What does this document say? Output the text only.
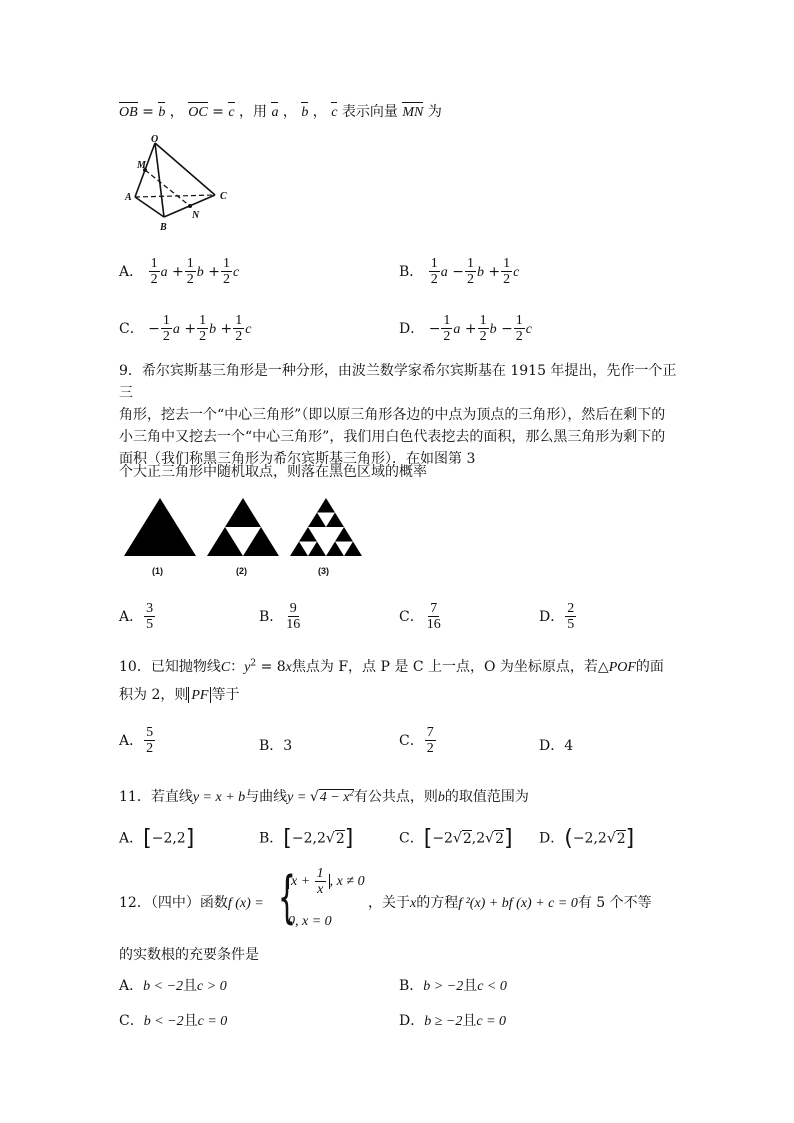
OB = b ， OC = c ，用 a ， b ， c 表示向量 MN 为
O
M
A	C
N
B
A． $\frac{1}{2}$ $a + \frac{1}{2}$ $b + \frac{1}{2}$ c	B． $\frac{1}{2}$ $a - \frac{1}{2}$ $b + \frac{1}{2}$ c
C． − $\frac{1}{2}$ $a + \frac{1}{2}$ $b + \frac{1}{2}$ c	D． − $\frac{1}{2}$ $a + \frac{1}{2}$ $b - \frac{1}{2}$ c
9．希尔宾斯基三角形是一种分形，由波兰数学家希尔宾斯基在 1915 年提出，先作一个正三
角形，挖去一个“中心三角形”（即以原三角形各边的中点为顶点的三角形），然后在剩下的
小三角中又挖去一个“中心三角形”，我们用白色代表挖去的面积，那么黑三角形为剩下的
面积（我们称黑三角形为希尔宾斯基三角形）．在如图第 3
个大正三角形中随机取点，则落在黑色区域的概率
(1)	(2)	(3)
A． $\frac{3}{5}$	B． $\frac{9}{16}$	C． $\frac{7}{16}$	D． $\frac{2}{5}$
10．已知抛物线C：$y^2 = 8x$焦点为 F，点 P 是 C 上一点，O 为坐标原点，若△POF的面
积为 2，则 PF 等于
A． $\frac{5}{2}$	B．3	C． $\frac{7}{2}$	D．4
11．若直线y = x + b与曲线$y = √4 - x^2$有公共点，则b的取值范围为
A．[−2,2]	B．[−2,2√2]	C．[−2√2,2√2] D．(−2,2√2]
12．（四中）函数f (x) = {
$x + \frac{1}{x}$ , x ≠ 0
0, x = 0
，关于x的方程f ²(x) + bf (x) + c = 0有 5 个不等
的实数根的充要条件是
A．b < −2且c > 0	B．b > −2且c < 0
C．b < −2且c = 0	D．b ≥ −2且c = 0
